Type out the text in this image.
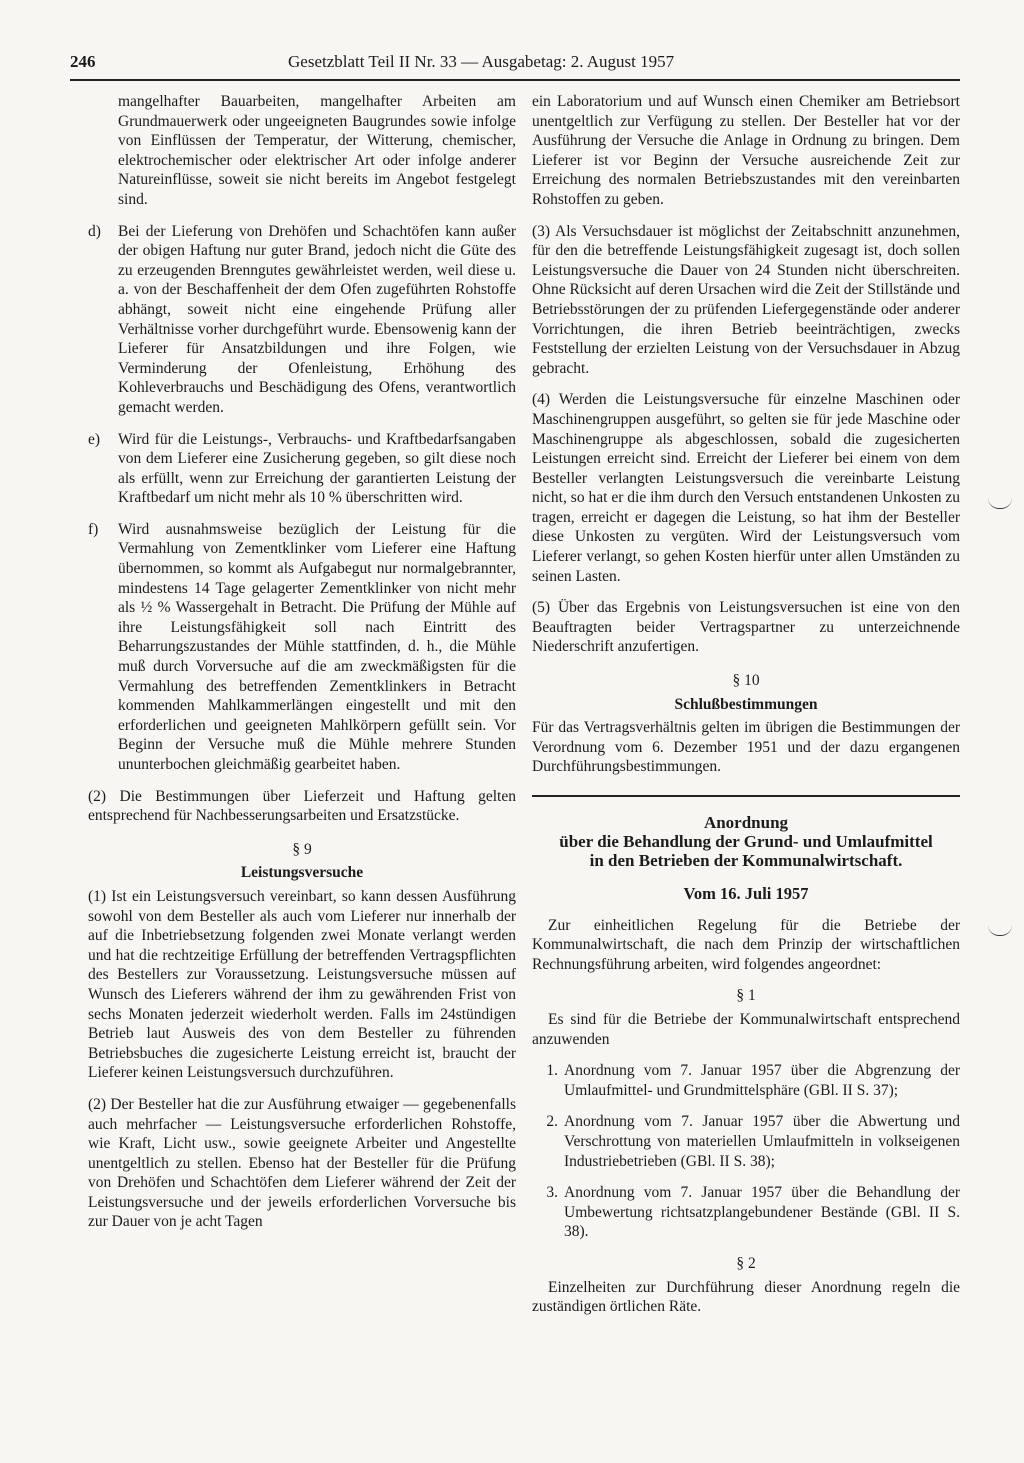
246	Gesetzblatt Teil II Nr. 33 — Ausgabetag: 2. August 1957

mangelhafter Bauarbeiten, mangelhafter Arbeiten am Grundmauerwerk oder ungeeigneten Baugrundes sowie infolge von Einflüssen der Temperatur, der Witterung, chemischer, elektrochemischer oder elektrischer Art oder infolge anderer Natureinflüsse, soweit sie nicht bereits im Angebot festgelegt sind.

d)	Bei der Lieferung von Drehöfen und Schachtöfen kann außer der obigen Haftung nur guter Brand, jedoch nicht die Güte des zu erzeugenden Brenngutes gewährleistet werden, weil diese u. a. von der Beschaffenheit der dem Ofen zugeführten Rohstoffe abhängt, soweit nicht eine eingehende Prüfung aller Verhältnisse vorher durchgeführt wurde. Ebensowenig kann der Lieferer für Ansatzbildungen und ihre Folgen, wie Verminderung der Ofenleistung, Erhöhung des Kohleverbrauchs und Beschädigung des Ofens, verantwortlich gemacht werden.
e)	Wird für die Leistungs-, Verbrauchs- und Kraftbedarfsangaben von dem Lieferer eine Zusicherung gegeben, so gilt diese noch als erfüllt, wenn zur Erreichung der garantierten Leistung der Kraftbedarf um nicht mehr als 10 % überschritten wird.
f)	Wird ausnahmsweise bezüglich der Leistung für die Vermahlung von Zementklinker vom Lieferer eine Haftung übernommen, so kommt als Aufgabegut nur normalgebrannter, mindestens 14 Tage gelagerter Zementklinker von nicht mehr als ½ % Wassergehalt in Betracht. Die Prüfung der Mühle auf ihre Leistungsfähigkeit soll nach Eintritt des Beharrungszustandes der Mühle stattfinden, d. h., die Mühle muß durch Vorversuche auf die am zweckmäßigsten für die Vermahlung des betreffenden Zementklinkers in Betracht kommenden Mahlkammerlängen eingestellt und mit den erforderlichen und geeigneten Mahlkörpern gefüllt sein. Vor Beginn der Versuche muß die Mühle mehrere Stunden ununterbochen gleichmäßig gearbeitet haben.

(2) Die Bestimmungen über Lieferzeit und Haftung gelten entsprechend für Nachbesserungsarbeiten und Ersatzstücke.

§ 9
Leistungsversuche

(1) Ist ein Leistungsversuch vereinbart, so kann dessen Ausführung sowohl von dem Besteller als auch vom Lieferer nur innerhalb der auf die Inbetriebsetzung folgenden zwei Monate verlangt werden und hat die rechtzeitige Erfüllung der betreffenden Vertragspflichten des Bestellers zur Voraussetzung. Leistungsversuche müssen auf Wunsch des Lieferers während der ihm zu gewährenden Frist von sechs Monaten jederzeit wiederholt werden. Falls im 24stündigen Betrieb laut Ausweis des von dem Besteller zu führenden Betriebsbuches die zugesicherte Leistung erreicht ist, braucht der Lieferer keinen Leistungsversuch durchzuführen.

(2) Der Besteller hat die zur Ausführung etwaiger — gegebenenfalls auch mehrfacher — Leistungsversuche erforderlichen Rohstoffe, wie Kraft, Licht usw., sowie geeignete Arbeiter und Angestellte unentgeltlich zu stellen. Ebenso hat der Besteller für die Prüfung von Drehöfen und Schachtöfen dem Lieferer während der Zeit der Leistungsversuche und der jeweils erforderlichen Vorversuche bis zur Dauer von je acht Tagen

ein Laboratorium und auf Wunsch einen Chemiker am Betriebsort unentgeltlich zur Verfügung zu stellen. Der Besteller hat vor der Ausführung der Versuche die Anlage in Ordnung zu bringen. Dem Lieferer ist vor Beginn der Versuche ausreichende Zeit zur Erreichung des normalen Betriebszustandes mit den vereinbarten Rohstoffen zu geben.

(3) Als Versuchsdauer ist möglichst der Zeitabschnitt anzunehmen, für den die betreffende Leistungsfähigkeit zugesagt ist, doch sollen Leistungsversuche die Dauer von 24 Stunden nicht überschreiten. Ohne Rücksicht auf deren Ursachen wird die Zeit der Stillstände und Betriebsstörungen der zu prüfenden Liefergegenstände oder anderer Vorrichtungen, die ihren Betrieb beeinträchtigen, zwecks Feststellung der erzielten Leistung von der Versuchsdauer in Abzug gebracht.

(4) Werden die Leistungsversuche für einzelne Maschinen oder Maschinengruppen ausgeführt, so gelten sie für jede Maschine oder Maschinengruppe als abgeschlossen, sobald die zugesicherten Leistungen erreicht sind. Erreicht der Lieferer bei einem von dem Besteller verlangten Leistungsversuch die vereinbarte Leistung nicht, so hat er die ihm durch den Versuch entstandenen Unkosten zu tragen, erreicht er dagegen die Leistung, so hat ihm der Besteller diese Unkosten zu vergüten. Wird der Leistungsversuch vom Lieferer verlangt, so gehen Kosten hierfür unter allen Umständen zu seinen Lasten.

(5) Über das Ergebnis von Leistungsversuchen ist eine von den Beauftragten beider Vertragspartner zu unterzeichnende Niederschrift anzufertigen.

§ 10
Schlußbestimmungen

Für das Vertragsverhältnis gelten im übrigen die Bestimmungen der Verordnung vom 6. Dezember 1951 und der dazu ergangenen Durchführungsbestimmungen.

Anordnung
über die Behandlung der Grund- und Umlaufmittel
in den Betrieben der Kommunalwirtschaft.
Vom 16. Juli 1957

Zur einheitlichen Regelung für die Betriebe der Kommunalwirtschaft, die nach dem Prinzip der wirtschaftlichen Rechnungsführung arbeiten, wird folgendes angeordnet:

§ 1

Es sind für die Betriebe der Kommunalwirtschaft entsprechend anzuwenden

1. Anordnung vom 7. Januar 1957 über die Abgrenzung der Umlaufmittel- und Grundmittelsphäre (GBl. II S. 37);
2. Anordnung vom 7. Januar 1957 über die Abwertung und Verschrottung von materiellen Umlaufmitteln in volkseigenen Industriebetrieben (GBl. II S. 38);
3. Anordnung vom 7. Januar 1957 über die Behandlung der Umbewertung richtsatzplangebundener Bestände (GBl. II S. 38).
§ 2

Einzelheiten zur Durchführung dieser Anordnung regeln die zuständigen örtlichen Räte.
